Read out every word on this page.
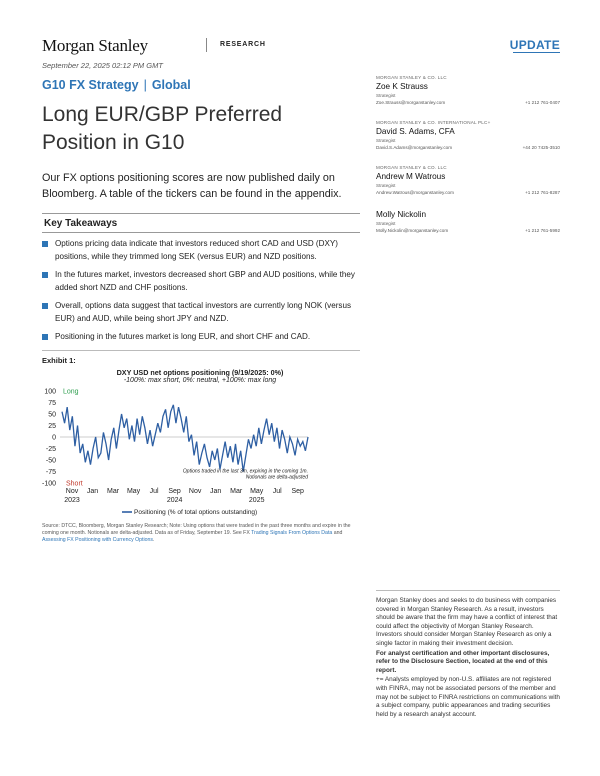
Morgan Stanley	RESEARCH	UPDATE
September 22, 2025 02:12 PM GMT
G10 FX Strategy | Global
Long EUR/GBP Preferred Position in G10

Our FX options positioning scores are now published daily on Bloomberg. A table of the tickers can be found in the appendix.

Key Takeaways
Options pricing data indicate that investors reduced short CAD and USD (DXY) positions, while they trimmed long SEK (versus EUR) and NZD positions.
In the futures market, investors decreased short GBP and AUD positions, while they added short NZD and CHF positions.
Overall, options data suggest that tactical investors are currently long NOK (versus EUR) and AUD, while being short JPY and NZD.
Positioning in the futures market is long EUR, and short CHF and CAD.
Exhibit 1:
DXY USD net options positioning (9/19/2025: 0%)
-100%: max short, 0%: neutral, +100%: max long
100
75
50
25
0
-25
-50
-75
-100
Nov Jan Mar May Jul Sep Nov Jan Mar May Jul Sep
2023	2024	2025
Long
Short
Options traded in the last 3m, expiring in the coming 1m.
Notionals are delta-adjusted
Positioning (% of total options outstanding)
Source: DTCC, Bloomberg, Morgan Stanley Research; Note: Using options that were traded in the past three months and expire in the coming one month. Notionals are delta-adjusted. Data as of Friday, September 19. See FX Trading Signals From Options Data and Assessing FX Positioning with Currency Options.
MORGAN STANLEY & CO. LLC
Zoe K Strauss
Strategist
Zoe.Strauss@morganstanley.com	+1 212 761-0407
MORGAN STANLEY & CO. INTERNATIONAL PLC+
David S. Adams, CFA
Strategist
David.S.Adams@morganstanley.com	+44 20 7425-3510
MORGAN STANLEY & CO. LLC
Andrew M Watrous
Strategist
Andrew.Watrous@morganstanley.com	+1 212 761-8287
Molly Nickolin
Strategist
Molly.Nickolin@morganstanley.com	+1 212 761-5992

Morgan Stanley does and seeks to do business with companies covered in Morgan Stanley Research. As a result, investors should be aware that the firm may have a conflict of interest that could affect the objectivity of Morgan Stanley Research. Investors should consider Morgan Stanley Research as only a single factor in making their investment decision.

For analyst certification and other important disclosures, refer to the Disclosure Section, located at the end of this report.

+= Analysts employed by non-U.S. affiliates are not registered with FINRA, may not be associated persons of the member and may not be subject to FINRA restrictions on communications with a subject company, public appearances and trading securities held by a research analyst account.
